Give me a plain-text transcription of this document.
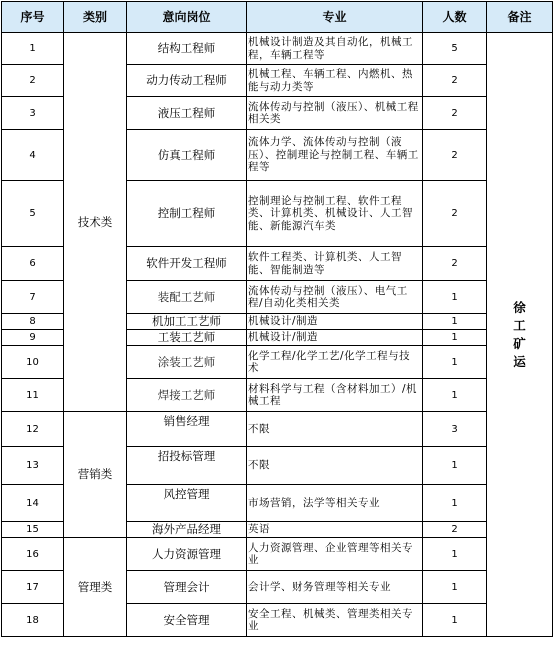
序号	类别	意向岗位	专业	人数	备注
1	技术类	结构工程师	机械设计制造及其自动化，机械工程，车辆工程等	5	徐工矿运
2		动力传动工程师	机械工程、车辆工程、内燃机、热能与动力类等	2	
3		液压工程师	流体传动与控制（液压）、机械工程相关类	2	
4		仿真工程师	流体力学、流体传动与控制（液压）、控制理论与控制工程、车辆工程等	2	
5		控制工程师	控制理论与控制工程、软件工程类、计算机类、机械设计、人工智能、新能源汽车类	2	
6		软件开发工程师	软件工程类、计算机类、人工智能、智能制造等	2	
7		装配工艺师	流体传动与控制（液压）、电气工程/自动化类相关类	1	
8		机加工工艺师	机械设计/制造	1	
9		工装工艺师	机械设计/制造	1	
10		涂装工艺师	化学工程/化学工艺/化学工程与技术	1	
11		焊接工艺师	材料科学与工程（含材料加工）/机械工程	1	
12	营销类	销售经理	不限	3	
13		招投标管理	不限	1	
14		风控管理	市场营销，法学等相关专业	1	
15		海外产品经理	英语	2	
16	管理类	人力资源管理	人力资源管理、企业管理等相关专业	1	
17		管理会计	会计学、财务管理等相关专业	1	
18		安全管理	安全工程、机械类、管理类相关专业	1	
